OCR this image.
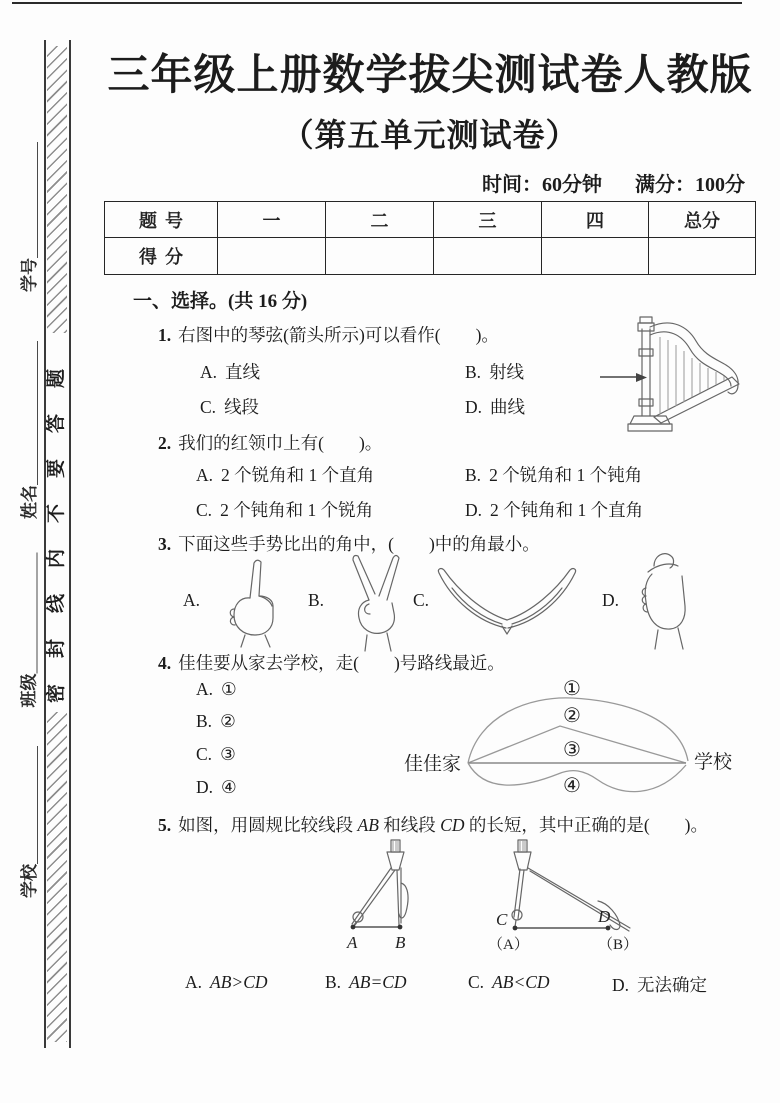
密封线内不要答题
学号
姓名
班级
学校
三年级上册数学拔尖测试卷人教版
（第五单元测试卷）
时间：60分钟 满分：100分
题号	一	二	三	四	总分
得分					
一、选择。(共 16 分)
1. 右图中的琴弦(箭头所示)可以看作(　　)。
A. 直线	B. 射线
C. 线段	D. 曲线
2. 我们的红领巾上有(　　)。
A. 2 个锐角和 1 个直角	B. 2 个锐角和 1 个钝角
C. 2 个钝角和 1 个锐角	D. 2 个钝角和 1 个直角
3. 下面这些手势比出的角中，(　　)中的角最小。
A.	B.	C.	D.
4. 佳佳要从家去学校，走(　　)号路线最近。
A. ①
B. ②
C. ③
D. ④
①
②
③
④
佳佳家	学校
5. 如图，用圆规比较线段 AB 和线段 CD 的长短，其中正确的是(　　)。
A B
C	D
（A）	（B）
A. AB>CD	B. AB=CD	C. AB<CD	D. 无法确定
